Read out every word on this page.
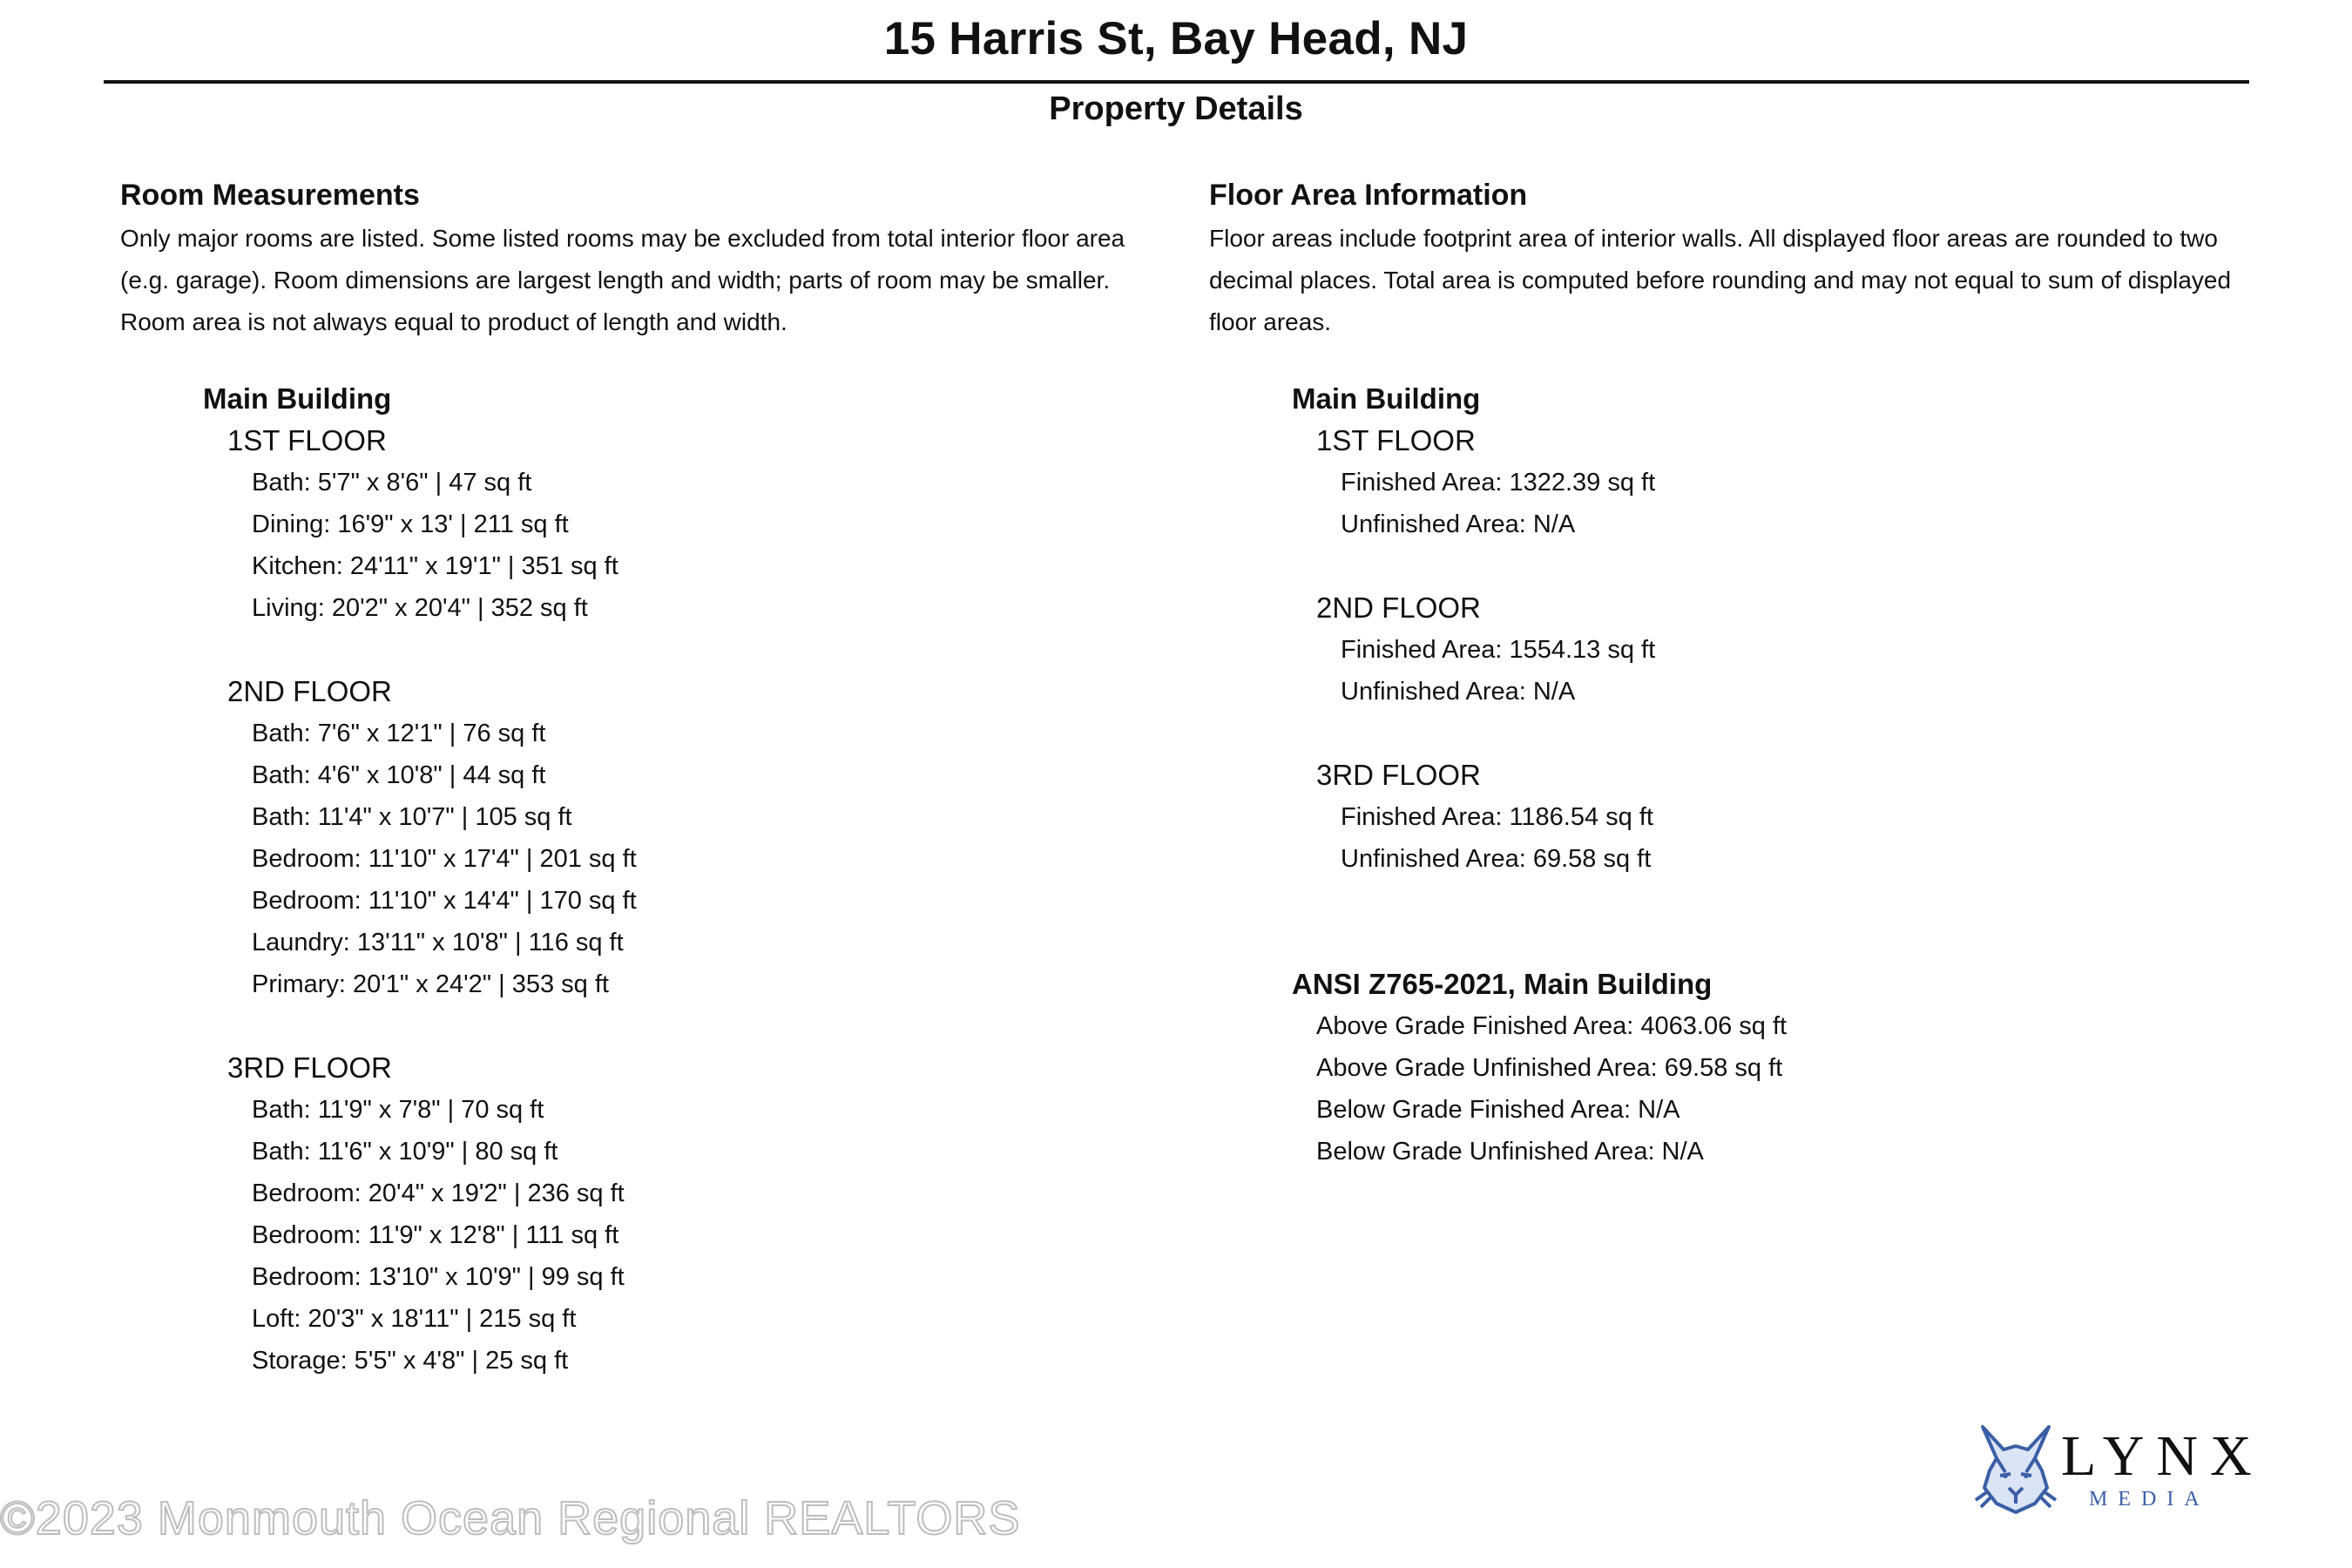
15 Harris St, Bay Head, NJ
Property Details
Room Measurements
Only major rooms are listed. Some listed rooms may be excluded from total interior floor area
(e.g. garage). Room dimensions are largest length and width; parts of room may be smaller.
Room area is not always equal to product of length and width.
Main Building
1ST FLOOR
Bath: 5'7" x 8'6" | 47 sq ft
Dining: 16'9" x 13' | 211 sq ft
Kitchen: 24'11" x 19'1" | 351 sq ft
Living: 20'2" x 20'4" | 352 sq ft
2ND FLOOR
Bath: 7'6" x 12'1" | 76 sq ft
Bath: 4'6" x 10'8" | 44 sq ft
Bath: 11'4" x 10'7" | 105 sq ft
Bedroom: 11'10" x 17'4" | 201 sq ft
Bedroom: 11'10" x 14'4" | 170 sq ft
Laundry: 13'11" x 10'8" | 116 sq ft
Primary: 20'1" x 24'2" | 353 sq ft
3RD FLOOR
Bath: 11'9" x 7'8" | 70 sq ft
Bath: 11'6" x 10'9" | 80 sq ft
Bedroom: 20'4" x 19'2" | 236 sq ft
Bedroom: 11'9" x 12'8" | 111 sq ft
Bedroom: 13'10" x 10'9" | 99 sq ft
Loft: 20'3" x 18'11" | 215 sq ft
Storage: 5'5" x 4'8" | 25 sq ft
Floor Area Information
Floor areas include footprint area of interior walls. All displayed floor areas are rounded to two
decimal places. Total area is computed before rounding and may not equal to sum of displayed
floor areas.
Main Building
1ST FLOOR
Finished Area: 1322.39 sq ft
Unfinished Area: N/A
2ND FLOOR
Finished Area: 1554.13 sq ft
Unfinished Area: N/A
3RD FLOOR
Finished Area: 1186.54 sq ft
Unfinished Area: 69.58 sq ft
ANSI Z765-2021, Main Building
Above Grade Finished Area: 4063.06 sq ft
Above Grade Unfinished Area: 69.58 sq ft
Below Grade Finished Area: N/A
Below Grade Unfinished Area: N/A
©2023 Monmouth Ocean Regional REALTORS
LYNX
MEDIA
